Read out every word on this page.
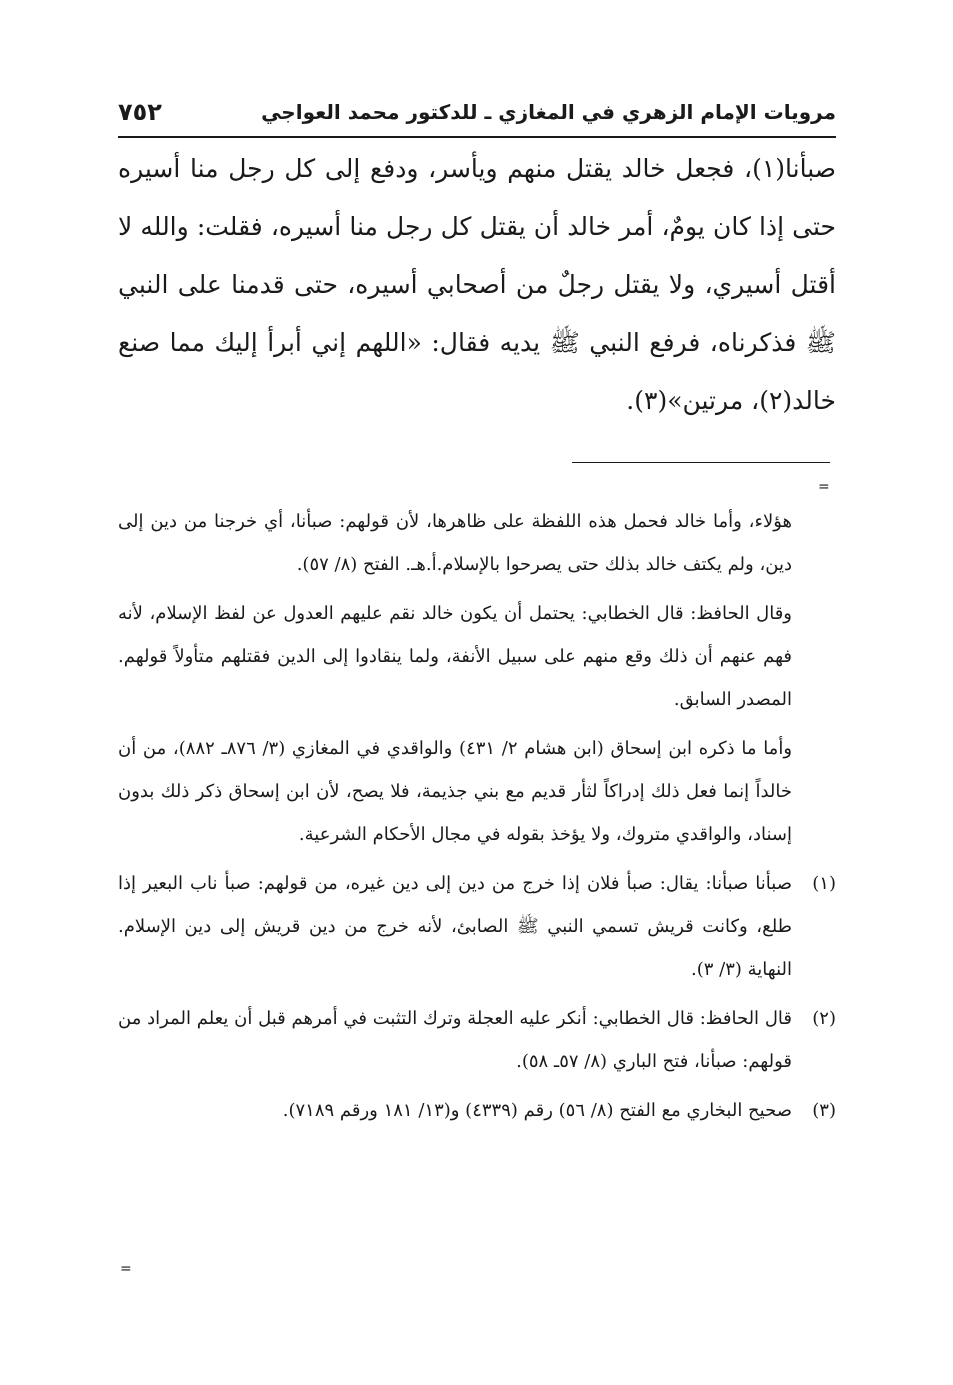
مرويات الإمام الزهري في المغازي ـ للدكتور محمد العواجي
٧٥٢

صبأنا(١)، فجعل خالد يقتل منهم ويأسر، ودفع إلى كل رجل منا أسيره حتى إذا كان يومٌ، أمر خالد أن يقتل كل رجل منا أسيره، فقلت: والله لا أقتل أسيري، ولا يقتل رجلٌ من أصحابي أسيره، حتى قدمنا على النبي ﷺ فذكرناه، فرفع النبي ﷺ يديه فقال: «اللهم إني أبرأ إليك مما صنع خالد(٢)، مرتين»(٣).

=

هؤلاء، وأما خالد فحمل هذه اللفظة على ظاهرها، لأن قولهم: صبأنا، أي خرجنا من دين إلى دين، ولم يكتف خالد بذلك حتى يصرحوا بالإسلام.أ.هـ. الفتح (٨/ ٥٧).

وقال الحافظ: قال الخطابي: يحتمل أن يكون خالد نقم عليهم العدول عن لفظ الإسلام، لأنه فهم عنهم أن ذلك وقع منهم على سبيل الأنفة، ولما ينقادوا إلى الدين فقتلهم متأولاً قولهم. المصدر السابق.

وأما ما ذكره ابن إسحاق (ابن هشام ٢/ ٤٣١) والواقدي في المغازي (٣/ ٨٧٦ـ ٨٨٢)، من أن خالداً إنما فعل ذلك إدراكاً لثأر قديم مع بني جذيمة، فلا يصح، لأن ابن إسحاق ذكر ذلك بدون إسناد، والواقدي متروك، ولا يؤخذ بقوله في مجال الأحكام الشرعية.

(١)
صبأنا صبأنا: يقال: صبأ فلان إذا خرج من دين إلى دين غيره، من قولهم: صبأ ناب البعير إذا طلع، وكانت قريش تسمي النبي ﷺ الصابئ، لأنه خرج من دين قريش إلى دين الإسلام. النهاية (٣/ ٣).
(٢)
قال الحافظ: قال الخطابي: أنكر عليه العجلة وترك التثبت في أمرهم قبل أن يعلم المراد من قولهم: صبأنا، فتح الباري (٨/ ٥٧ـ ٥٨).
(٣)
صحيح البخاري مع الفتح (٨/ ٥٦) رقم (٤٣٣٩) و(١٣/ ١٨١ ورقم ٧١٨٩).
=
